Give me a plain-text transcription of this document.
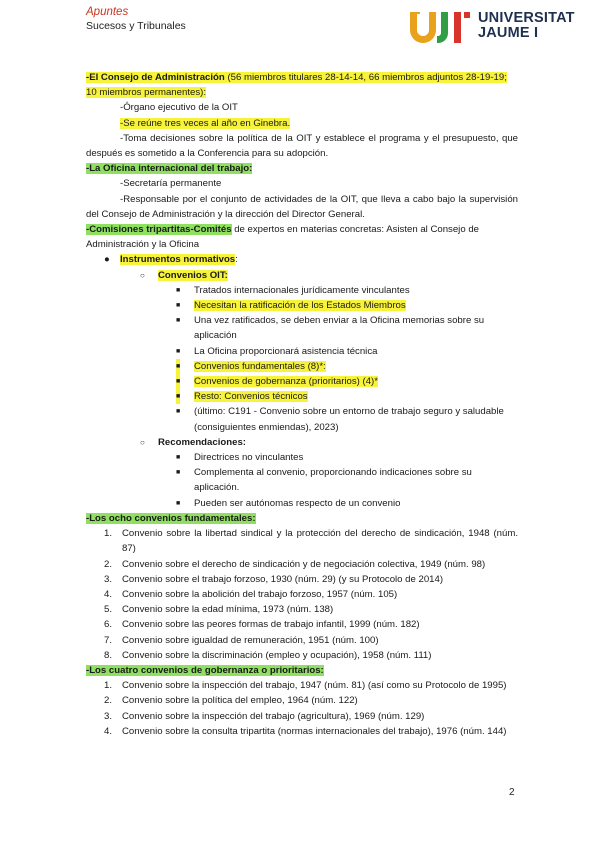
Apuntes
Sucesos y Tribunales	UNIVERSITAT
JAUME I

-El Consejo de Administración (56 miembros titulares 28-14-14, 66 miembros adjuntos 28-19-19; 10 miembros permanentes):

-Órgano ejecutivo de la OIT

-Se reúne tres veces al año en Ginebra.

-Toma decisiones sobre la política de la OIT y establece el programa y el presupuesto, que después es sometido a la Conferencia para su adopción.

-La Oficina internacional del trabajo:

-Secretaría permanente

-Responsable por el conjunto de actividades de la OIT, que lleva a cabo bajo la supervisión del Consejo de Administración y la dirección del Director General.

-Comisiones tripartitas-Comités de expertos en materias concretas: Asisten al Consejo de Administración y la Oficina

● Instrumentos normativos:
○ Convenios OIT:
■ Tratados internacionales jurídicamente vinculantes
■ Necesitan la ratificación de los Estados Miembros
■ Una vez ratificados, se deben enviar a la Oficina memorias sobre su aplicación
■ La Oficina proporcionará asistencia técnica
■ Convenios fundamentales (8)*:
■ Convenios de gobernanza (prioritarios) (4)*
■ Resto: Convenios técnicos
■ (último: C191 - Convenio sobre un entorno de trabajo seguro y saludable (consiguientes enmiendas), 2023)
○ Recomendaciones:
■ Directrices no vinculantes
■ Complementa al convenio, proporcionando indicaciones sobre su aplicación.
■ Pueden ser autónomas respecto de un convenio

-Los ocho convenios fundamentales:

1. Convenio sobre la libertad sindical y la protección del derecho de sindicación, 1948 (núm. 87)
2. Convenio sobre el derecho de sindicación y de negociación colectiva, 1949 (núm. 98)
3. Convenio sobre el trabajo forzoso, 1930 (núm. 29) (y su Protocolo de 2014)
4. Convenio sobre la abolición del trabajo forzoso, 1957 (núm. 105)
5. Convenio sobre la edad mínima, 1973 (núm. 138)
6. Convenio sobre las peores formas de trabajo infantil, 1999 (núm. 182)
7. Convenio sobre igualdad de remuneración, 1951 (núm. 100)
8. Convenio sobre la discriminación (empleo y ocupación), 1958 (núm. 111)

-Los cuatro convenios de gobernanza o prioritarios:

1. Convenio sobre la inspección del trabajo, 1947 (núm. 81) (así como su Protocolo de 1995)
2. Convenio sobre la política del empleo, 1964 (núm. 122)
3. Convenio sobre la inspección del trabajo (agricultura), 1969 (núm. 129)
4. Convenio sobre la consulta tripartita (normas internacionales del trabajo), 1976 (núm. 144)
2
